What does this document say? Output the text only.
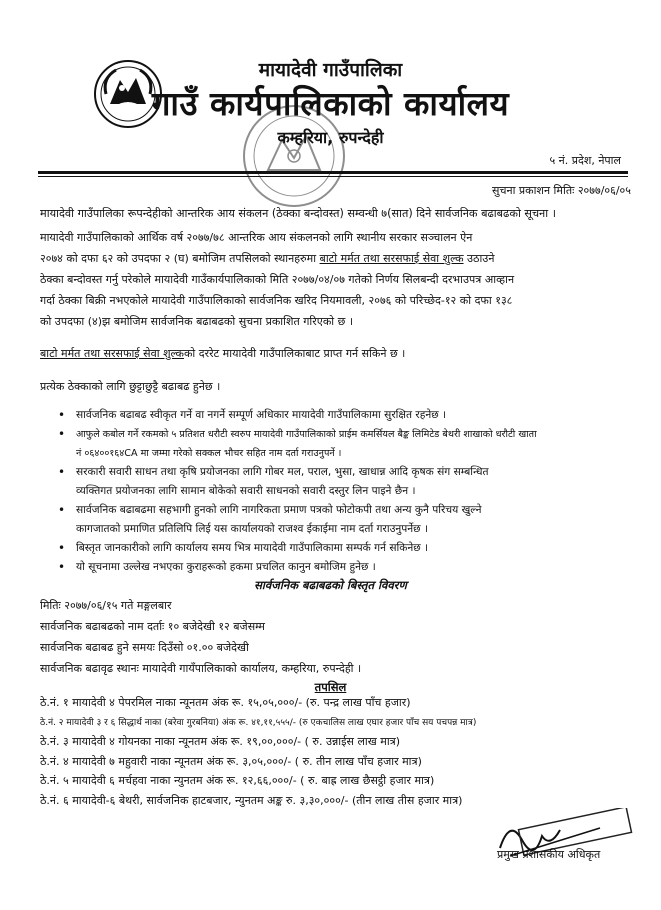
मायादेवी गाउँपालिका
गाउँ कार्यपालिकाको कार्यालय
कम्हरिया, रुपन्देही
५ नं. प्रदेश, नेपाल
सुचना प्रकाशन मितिः २०७७/०६/०५
मायादेवी गाउँपालिका रूपन्देहीको आन्तरिक आय संकलन (ठेक्का बन्दोवस्त) सम्वन्धी ७(सात) दिने सार्वजनिक बढाबढको सूचना ।
मायादेवी गाउँपालिकाको आर्थिक वर्ष २०७७/७८ आन्तरिक आय संकलनको लागि स्थानीय सरकार सञ्चालन ऐन
२०७४ को दफा ६२ को उपदफा २ (घ) बमोजिम तपसिलको स्थानहरुमा बाटो मर्मत तथा सरसफाई सेवा शुल्क उठाउने
ठेक्का बन्दोवस्त गर्नु परेकोले मायादेवी गाउँकार्यपालिकाको मिति २०७७/०४/०७ गतेको निर्णय सिलबन्दी दरभाउपत्र आव्हान
गर्दा ठेक्का बिक्री नभएकोले मायादेवी गाउँपालिकाको सार्वजनिक खरिद नियमावली, २०७६ को परिच्छेद-१२ को दफा १३८
को उपदफा (४)झ बमोजिम सार्वजनिक बढाबढको सुचना प्रकाशित गरिएको छ ।
बाटो मर्मत तथा सरसफाई सेवा शुल्कको दररेट मायादेवी गाउँपालिकाबाट प्राप्त गर्न सकिने छ ।
प्रत्येक ठेक्काको लागि छुट्टाछुट्टै बढाबढ हुनेछ ।
• सार्वजनिक बढाबढ स्वीकृत गर्ने वा नगर्ने सम्पूर्ण अधिकार मायादेवी गाउँपालिकामा सुरक्षित रहनेछ ।
• आफुले कबोल गर्ने रकमको ५ प्रतिशत धरौटी स्वरुप मायादेवी गाउँपालिकाको प्राईम कमर्सियल बैङ्क लिमिटेड बेथरी शाखाको धरौटी खाता
नं ०६४००१६४CA मा जम्मा गरेको सक्कल भौचर सहित नाम दर्ता गराउनुपर्ने ।
• सरकारी सवारी साधन तथा कृषि प्रयोजनका लागि गोबर मल, पराल, भुसा, खाधान्न आदि कृषक संग सम्बन्धित
व्यक्तिगत प्रयोजनका लागि सामान बोकेको सवारी साधनको सवारी दस्तुर लिन पाइने छैन ।
• सार्वजनिक बढाबढमा सहभागी हुनको लागि नागरिकता प्रमाण पत्रको फोटोकपी तथा अन्य कुनै परिचय खुल्ने
कागजातको प्रमाणित प्रतिलिपि लिई यस कार्यालयको राजश्व ईकाईमा नाम दर्ता गराउनुपर्नेछ ।
• बिस्तृत जानकारीको लागि कार्यालय समय भित्र मायादेवी गाउँपालिकामा सम्पर्क गर्न सकिनेछ ।
• यो सूचनामा उल्लेख नभएका कुराहरूको हकमा प्रचलित कानुन बमोजिम हुनेछ ।
सार्वजनिक बढाबढको बिस्तृत विवरण
मितिः २०७७/०६/१५ गते मङ्गलबार
सार्वजनिक बढाबढको नाम दर्ताः १० बजेदेखी १२ बजेसम्म
सार्वजनिक बढाबढ हुने समयः दिउँसो ०१.०० बजेदेखी
सार्वजनिक बढावृढ स्थानः मायादेवी गायँपालिकाको कार्यालय, कम्हरिया, रुपन्देही ।
तपसिल
ठे.नं. १ मायादेवी ४ पेपरमिल नाका न्यूनतम अंक रू. १५,०५,०००/- (रु. पन्द्र लाख पाँच हजार)
ठे.नं. २ मायादेवी ३ र ६ सिद्धार्थ नाका (बरेवा गुरबनिया) अंक रू. ४१,११,५५५/- (रु एकचालिस लाख एघार हजार पाँच सय पचपन्न मात्र)
ठे.नं. ३ मायादेवी ४ गोयनका नाका न्यूनतम अंक रू. १९,००,०००/- ( रु. उन्नाईस लाख मात्र)
ठे.नं. ४ मायादेवी ७ महुवारी नाका न्यूनतम अंक रू. ३,०५,०००/- ( रु. तीन लाख पाँच हजार मात्र)
ठे.नं. ५ मायादेवी ६ मर्चहवा नाका न्युनतम अंक रू. १२,६६,०००/- ( रु. बाह्र लाख छैसट्ठी हजार मात्र)
ठे.नं. ६ मायादेवी-६ बेथरी, सार्वजनिक हाटबजार, न्युनतम अङ्क रु. ३,३०,०००/- (तीन लाख तीस हजार मात्र)
प्रमुख प्रशासकीय अधिकृत
